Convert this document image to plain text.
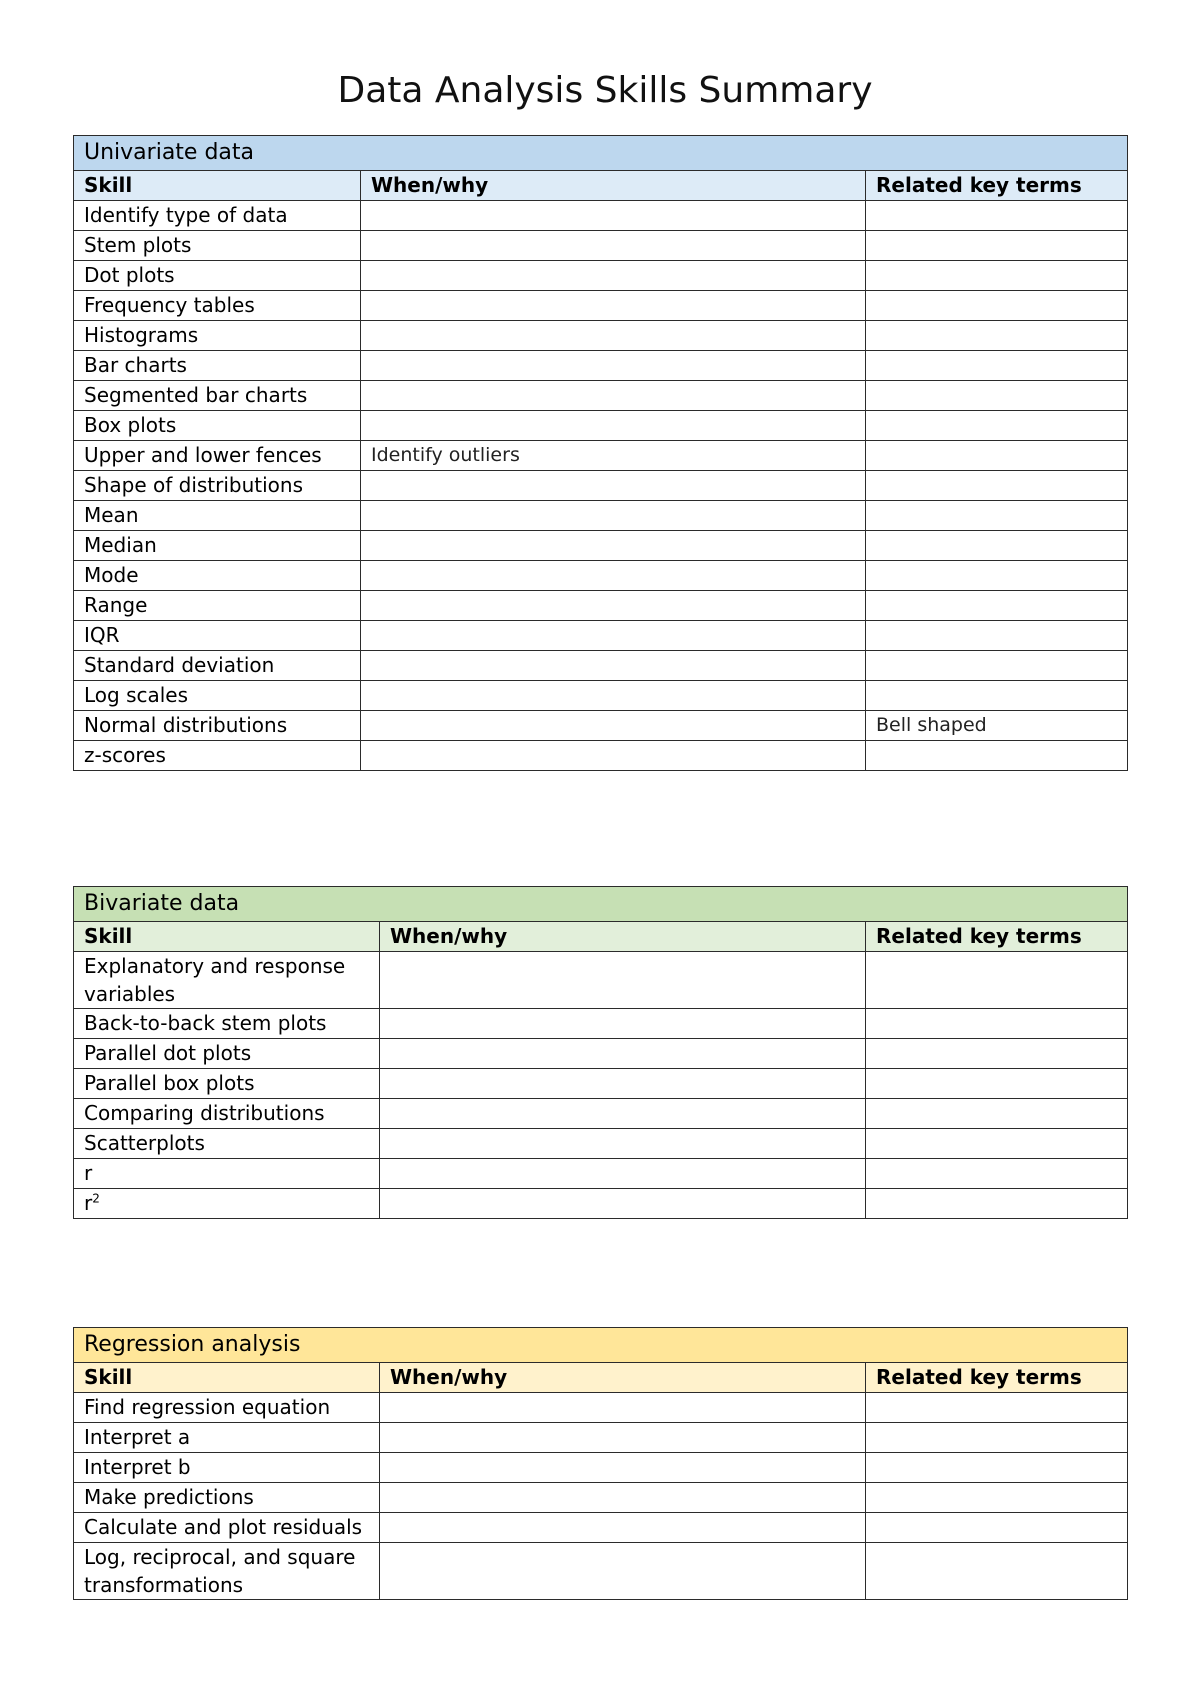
Data Analysis Skills Summary
Univariate data		
Skill	When/why	Related key terms
Identify type of data		
Stem plots		
Dot plots		
Frequency tables		
Histograms		
Bar charts		
Segmented bar charts		
Box plots		
Upper and lower fences	Identify outliers	
Shape of distributions		
Mean		
Median		
Mode		
Range		
IQR		
Standard deviation		
Log scales		
Normal distributions		Bell shaped
z-scores		
Bivariate data		
Skill	When/why	Related key terms
Explanatory and response variables		
Back-to-back stem plots		
Parallel dot plots		
Parallel box plots		
Comparing distributions		
Scatterplots		
r		
$r^2$		
Regression analysis		
Skill	When/why	Related key terms
Find regression equation		
Interpret a		
Interpret b		
Make predictions		
Calculate and plot residuals		
Log, reciprocal, and square transformations		
